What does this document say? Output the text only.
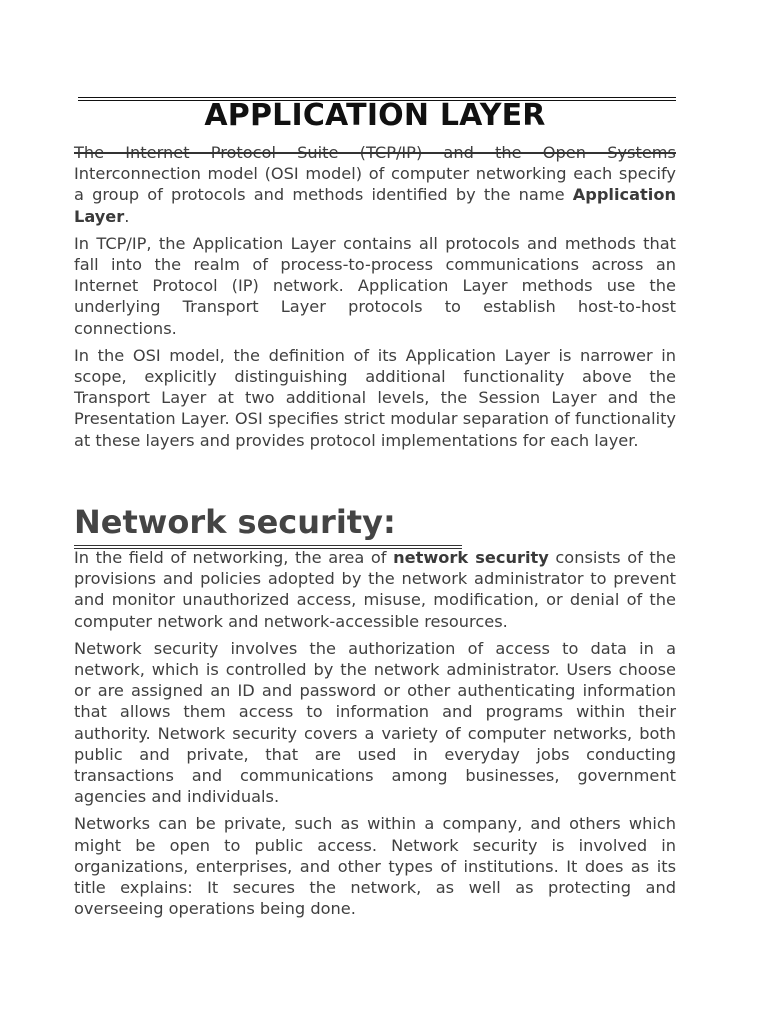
APPLICATION LAYER

The Internet Protocol Suite (TCP/IP) and the Open Systems Interconnection model (OSI model) of computer networking each specify a group of protocols and methods identified by the name Application Layer.

In TCP/IP, the Application Layer contains all protocols and methods that fall into the realm of process-to-process communications across an Internet Protocol (IP) network. Application Layer methods use the underlying Transport Layer protocols to establish host-to-host connections.

In the OSI model, the definition of its Application Layer is narrower in scope, explicitly distinguishing additional functionality above the Transport Layer at two additional levels, the Session Layer and the Presentation Layer. OSI specifies strict modular separation of functionality at these layers and provides protocol implementations for each layer.

Network security:

In the field of networking, the area of network security consists of the provisions and policies adopted by the network administrator to prevent and monitor unauthorized access, misuse, modification, or denial of the computer network and network-accessible resources.

Network security involves the authorization of access to data in a network, which is controlled by the network administrator. Users choose or are assigned an ID and password or other authenticating information that allows them access to information and programs within their authority. Network security covers a variety of computer networks, both public and private, that are used in everyday jobs conducting transactions and communications among businesses, government agencies and individuals.

Networks can be private, such as within a company, and others which might be open to public access. Network security is involved in organizations, enterprises, and other types of institutions. It does as its title explains: It secures the network, as well as protecting and overseeing operations being done.
